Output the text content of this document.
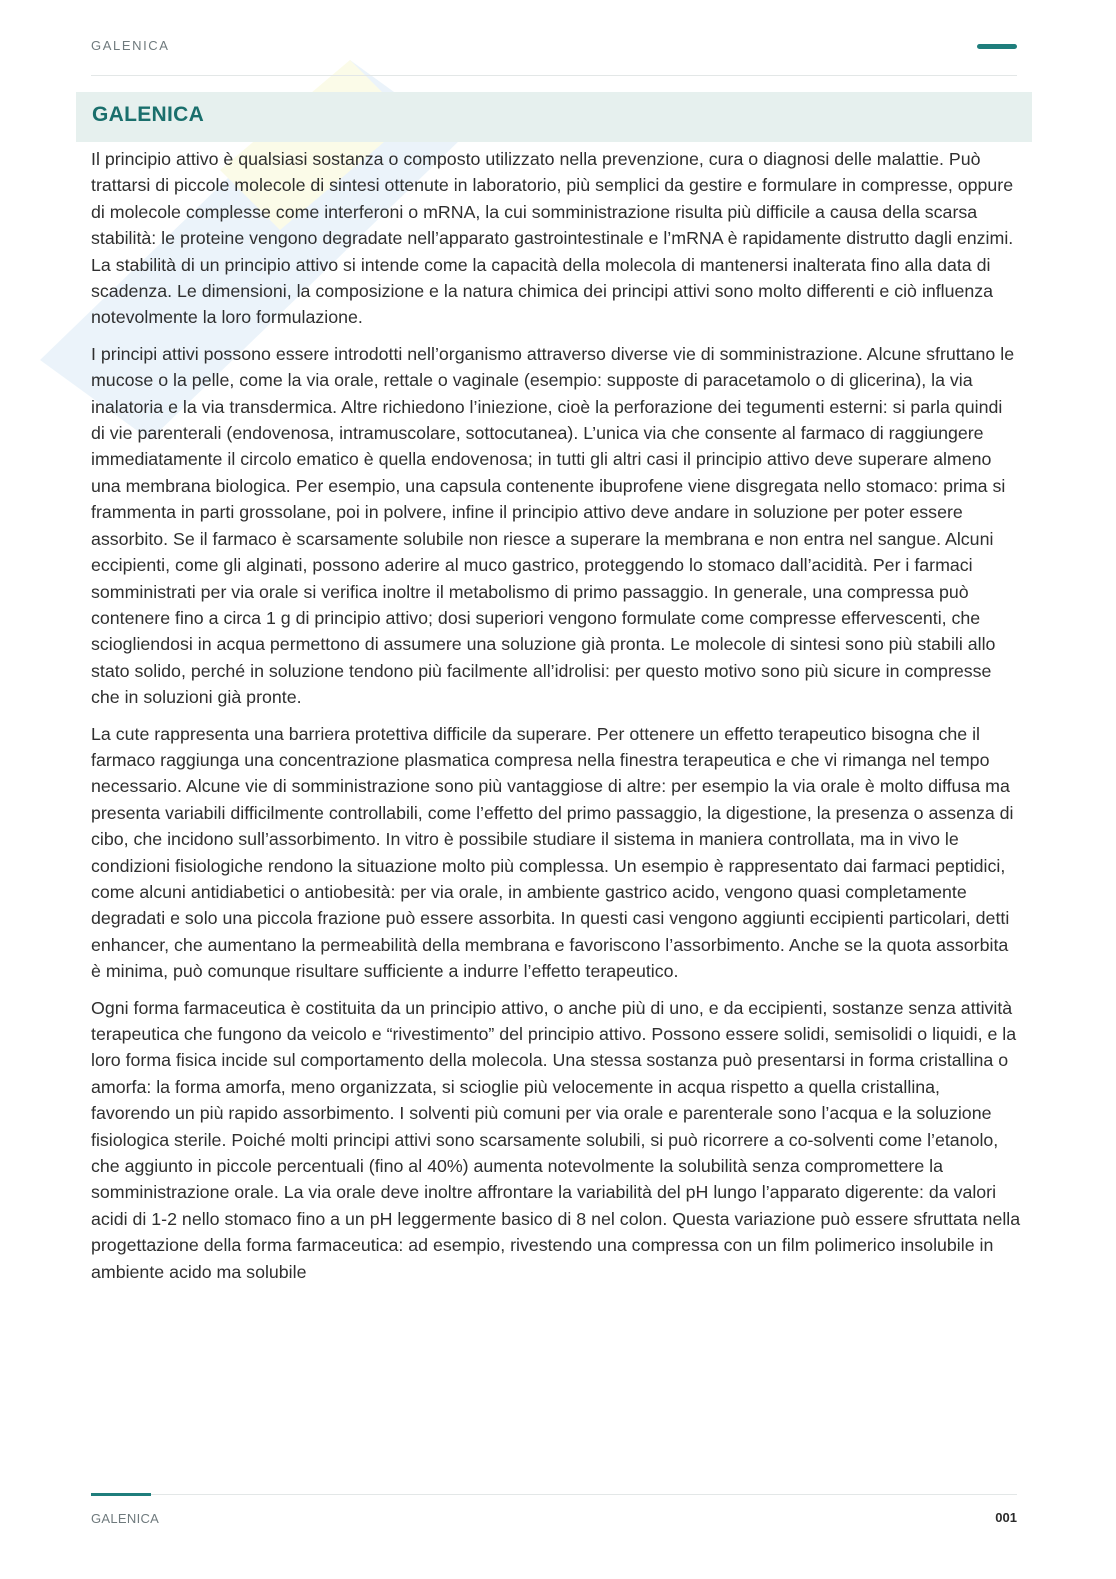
GALENICA
GALENICA

Il principio attivo è qualsiasi sostanza o composto utilizzato nella prevenzione, cura o diagnosi delle malattie. Può trattarsi di piccole molecole di sintesi ottenute in laboratorio, più semplici da gestire e formulare in compresse, oppure di molecole complesse come interferoni o mRNA, la cui somministrazione risulta più difficile a causa della scarsa stabilità: le proteine vengono degradate nell’apparato gastrointestinale e l’mRNA è rapidamente distrutto dagli enzimi. La stabilità di un principio attivo si intende come la capacità della molecola di mantenersi inalterata fino alla data di scadenza. Le dimensioni, la composizione e la natura chimica dei principi attivi sono molto differenti e ciò influenza notevolmente la loro formulazione.

I principi attivi possono essere introdotti nell’organismo attraverso diverse vie di somministrazione. Alcune sfruttano le mucose o la pelle, come la via orale, rettale o vaginale (esempio: supposte di paracetamolo o di glicerina), la via inalatoria e la via transdermica. Altre richiedono l’iniezione, cioè la perforazione dei tegumenti esterni: si parla quindi di vie parenterali (endovenosa, intramuscolare, sottocutanea). L’unica via che consente al farmaco di raggiungere immediatamente il circolo ematico è quella endovenosa; in tutti gli altri casi il principio attivo deve superare almeno una membrana biologica. Per esempio, una capsula contenente ibuprofene viene disgregata nello stomaco: prima si frammenta in parti grossolane, poi in polvere, infine il principio attivo deve andare in soluzione per poter essere assorbito. Se il farmaco è scarsamente solubile non riesce a superare la membrana e non entra nel sangue. Alcuni eccipienti, come gli alginati, possono aderire al muco gastrico, proteggendo lo stomaco dall’acidità. Per i farmaci somministrati per via orale si verifica inoltre il metabolismo di primo passaggio. In generale, una compressa può contenere fino a circa 1 g di principio attivo; dosi superiori vengono formulate come compresse effervescenti, che sciogliendosi in acqua permettono di assumere una soluzione già pronta. Le molecole di sintesi sono più stabili allo stato solido, perché in soluzione tendono più facilmente all’idrolisi: per questo motivo sono più sicure in compresse che in soluzioni già pronte.

La cute rappresenta una barriera protettiva difficile da superare. Per ottenere un effetto terapeutico bisogna che il farmaco raggiunga una concentrazione plasmatica compresa nella finestra terapeutica e che vi rimanga nel tempo necessario. Alcune vie di somministrazione sono più vantaggiose di altre: per esempio la via orale è molto diffusa ma presenta variabili difficilmente controllabili, come l’effetto del primo passaggio, la digestione, la presenza o assenza di cibo, che incidono sull’assorbimento. In vitro è possibile studiare il sistema in maniera controllata, ma in vivo le condizioni fisiologiche rendono la situazione molto più complessa. Un esempio è rappresentato dai farmaci peptidici, come alcuni antidiabetici o antiobesità: per via orale, in ambiente gastrico acido, vengono quasi completamente degradati e solo una piccola frazione può essere assorbita. In questi casi vengono aggiunti eccipienti particolari, detti enhancer, che aumentano la permeabilità della membrana e favoriscono l’assorbimento. Anche se la quota assorbita è minima, può comunque risultare sufficiente a indurre l’effetto terapeutico.

Ogni forma farmaceutica è costituita da un principio attivo, o anche più di uno, e da eccipienti, sostanze senza attività terapeutica che fungono da veicolo e “rivestimento” del principio attivo. Possono essere solidi, semisolidi o liquidi, e la loro forma fisica incide sul comportamento della molecola. Una stessa sostanza può presentarsi in forma cristallina o amorfa: la forma amorfa, meno organizzata, si scioglie più velocemente in acqua rispetto a quella cristallina, favorendo un più rapido assorbimento. I solventi più comuni per via orale e parenterale sono l’acqua e la soluzione fisiologica sterile. Poiché molti principi attivi sono scarsamente solubili, si può ricorrere a co-solventi come l’etanolo, che aggiunto in piccole percentuali (fino al 40%) aumenta notevolmente la solubilità senza compromettere la somministrazione orale. La via orale deve inoltre affrontare la variabilità del pH lungo l’apparato digerente: da valori acidi di 1-2 nello stomaco fino a un pH leggermente basico di 8 nel colon. Questa variazione può essere sfruttata nella progettazione della forma farmaceutica: ad esempio, rivestendo una compressa con un film polimerico insolubile in ambiente acido ma solubile

GALENICA	001
